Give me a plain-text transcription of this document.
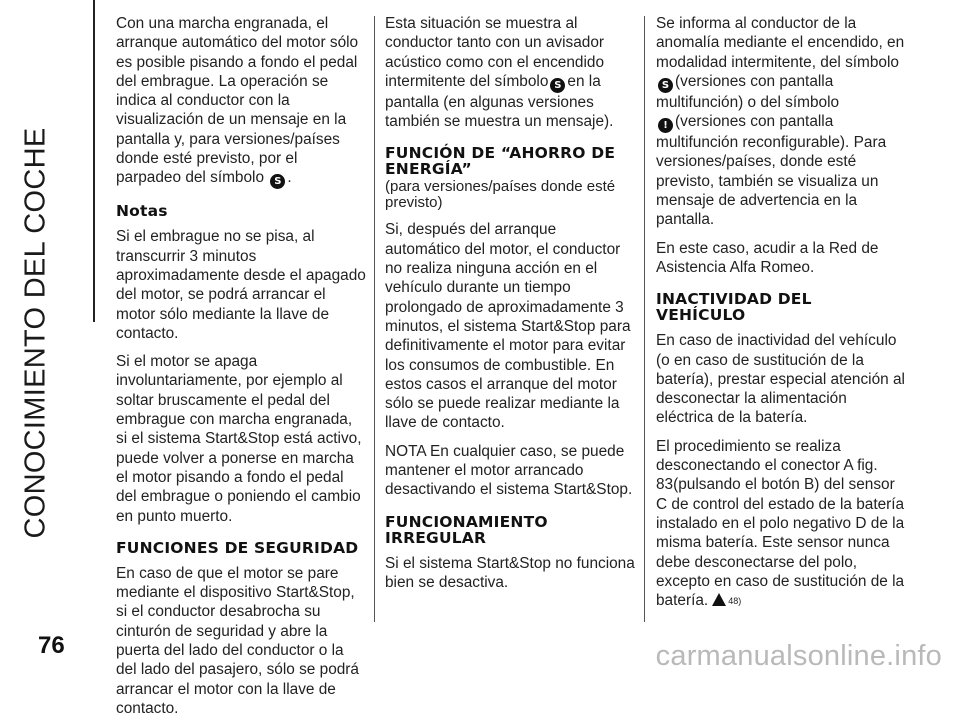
CONOCIMIENTO DEL COCHE
76

Con una marcha engranada, el arranque automático del motor sólo es posible pisando a fondo el pedal del embrague. La operación se indica al conductor con la visualización de un mensaje en la pantalla y, para versiones/países donde esté previsto, por el parpadeo del símbolo S .

Notas

Si el embrague no se pisa, al transcurrir 3 minutos aproximadamente desde el apagado del motor, se podrá arrancar el motor sólo mediante la llave de contacto.

Si el motor se apaga involuntariamente, por ejemplo al soltar bruscamente el pedal del embrague con marcha engranada, si el sistema Start&Stop está activo, puede volver a ponerse en marcha el motor pisando a fondo el pedal del embrague o poniendo el cambio en punto muerto.

FUNCIONES DE SEGURIDAD

En caso de que el motor se pare mediante el dispositivo Start&Stop, si el conductor desabrocha su cinturón de seguridad y abre la puerta del lado del conductor o la del lado del pasajero, sólo se podrá arrancar el motor con la llave de contacto.

Esta situación se muestra al conductor tanto con un avisador acústico como con el encendido intermitente del símbolo S en la pantalla (en algunas versiones también se muestra un mensaje).

FUNCIÓN DE “AHORRO DE ENERGÍA”

(para versiones/países donde esté previsto)

Si, después del arranque automático del motor, el conductor no realiza ninguna acción en el vehículo durante un tiempo prolongado de aproximadamente 3 minutos, el sistema Start&Stop para definitivamente el motor para evitar los consumos de combustible. En estos casos el arranque del motor sólo se puede realizar mediante la llave de contacto.

NOTA En cualquier caso, se puede mantener el motor arrancado desactivando el sistema Start&Stop.

FUNCIONAMIENTO IRREGULAR

Si el sistema Start&Stop no funciona bien se desactiva.

Se informa al conductor de la anomalía mediante el encendido, en modalidad intermitente, del símboloS (versiones con pantalla multifunción) o del símbolo
! (versiones con pantalla multifunción reconfigurable). Para versiones/países, donde esté previsto, también se visualiza un mensaje de advertencia en la pantalla.

En este caso, acudir a la Red de Asistencia Alfa Romeo.

INACTIVIDAD DEL VEHÍCULO

En caso de inactividad del vehículo (o en caso de sustitución de la batería), prestar especial atención al desconectar la alimentación eléctrica de la batería.

El procedimiento se realiza desconectando el conector A fig. 83(pulsando el botón B) del sensor C de control del estado de la batería instalado en el polo negativo D de la misma batería. Este sensor nunca debe desconectarse del polo, excepto en caso de sustitución de la batería. 48)

carmanualsonline.info
